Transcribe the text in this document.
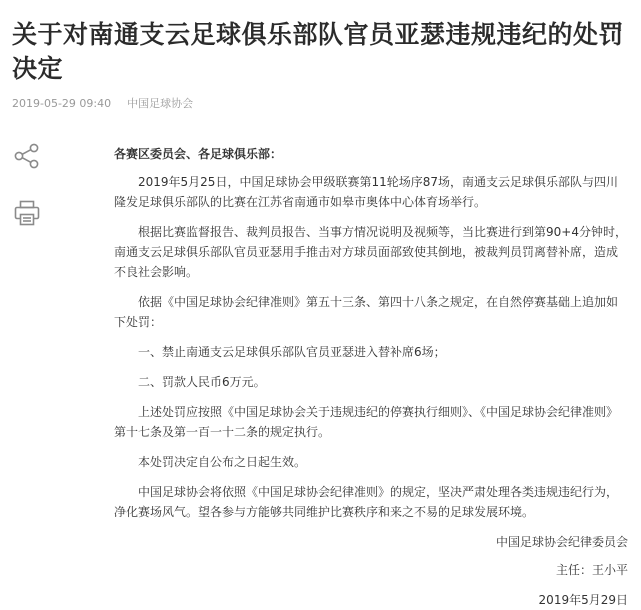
关于对南通支云足球俱乐部队官员亚瑟违规违纪的处罚决定
2019-05-29 09:40 中国足球协会

各赛区委员会、各足球俱乐部：

2019年5月25日，中国足球协会甲级联赛第11轮场序87场，南通支云足球俱乐部队与四川隆发足球俱乐部队的比赛在江苏省南通市如皋市奥体中心体育场举行。

根据比赛监督报告、裁判员报告、当事方情况说明及视频等，当比赛进行到第90+4分钟时，南通支云足球俱乐部队官员亚瑟用手推击对方球员面部致使其倒地，被裁判员罚离替补席，造成不良社会影响。

依据《中国足球协会纪律准则》第五十三条、第四十八条之规定，在自然停赛基础上追加如下处罚：

一、禁止南通支云足球俱乐部队官员亚瑟进入替补席6场；

二、罚款人民币6万元。

上述处罚应按照《中国足球协会关于违规违纪的停赛执行细则》、《中国足球协会纪律准则》第十七条及第一百一十二条的规定执行。

本处罚决定自公布之日起生效。

中国足球协会将依照《中国足球协会纪律准则》的规定，坚决严肃处理各类违规违纪行为，净化赛场风气。望各参与方能够共同维护比赛秩序和来之不易的足球发展环境。

中国足球协会纪律委员会
主任：王小平
2019年5月29日
